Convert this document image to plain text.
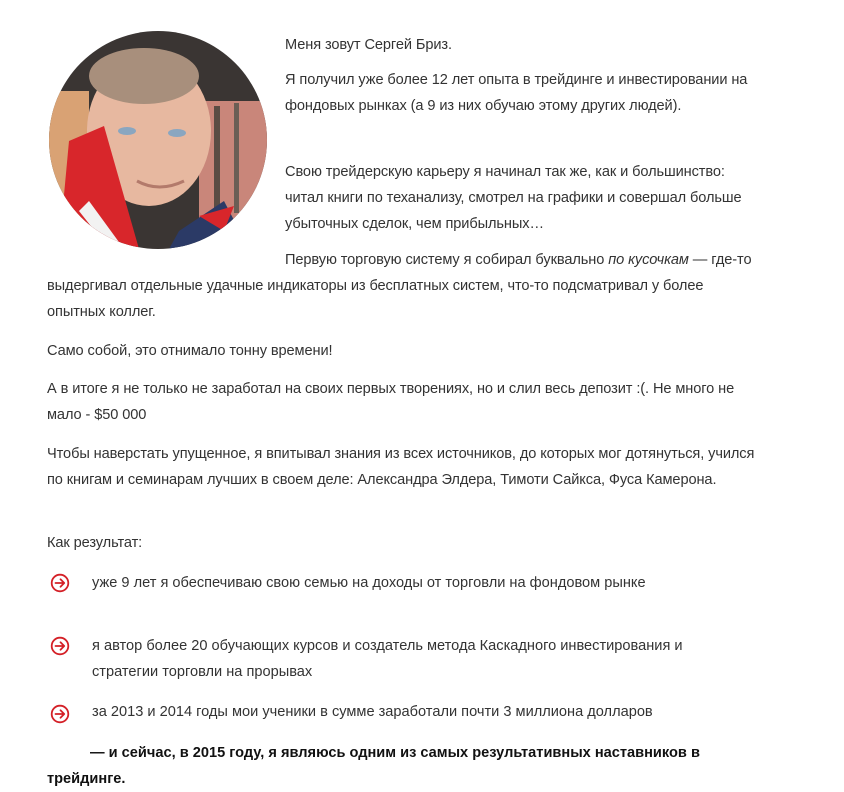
Меня зовут Сергей Бриз.

Я получил уже более 12 лет опыта в трейдинге и инвестировании на фондовых рынках (а 9 из них обучаю этому других людей).

Свою трейдерскую карьеру я начинал так же, как и большинство: читал книги по теханализу, смотрел на графики и совершал больше убыточных сделок, чем прибыльных…

Первую торговую систему я собирал буквально по кусочкам — где-то выдергивал отдельные удачные индикаторы из бесплатных систем, что-то подсматривал у более опытных коллег.

Само собой, это отнимало тонну времени!

А в итоге я не только не заработал на своих первых творениях, но и слил весь депозит :(. Не много не мало - $50 000

Чтобы наверстать упущенное, я впитывал знания из всех источников, до которых мог дотянуться, учился по книгам и семинарам лучших в своем деле: Александра Элдера, Тимоти Сайкса, Фуса Камерона.

Как результат:

уже 9 лет я обеспечиваю свою семью на доходы от торговли на фондовом рынке

я автор более 20 обучающих курсов и создатель метода Каскадного инвестирования и стратегии торговли на прорывах

за 2013 и 2014 годы мои ученики в сумме заработали почти 3 миллиона долларов

— и сейчас, в 2015 году, я являюсь одним из самых результативных наставников в трейдинге.
